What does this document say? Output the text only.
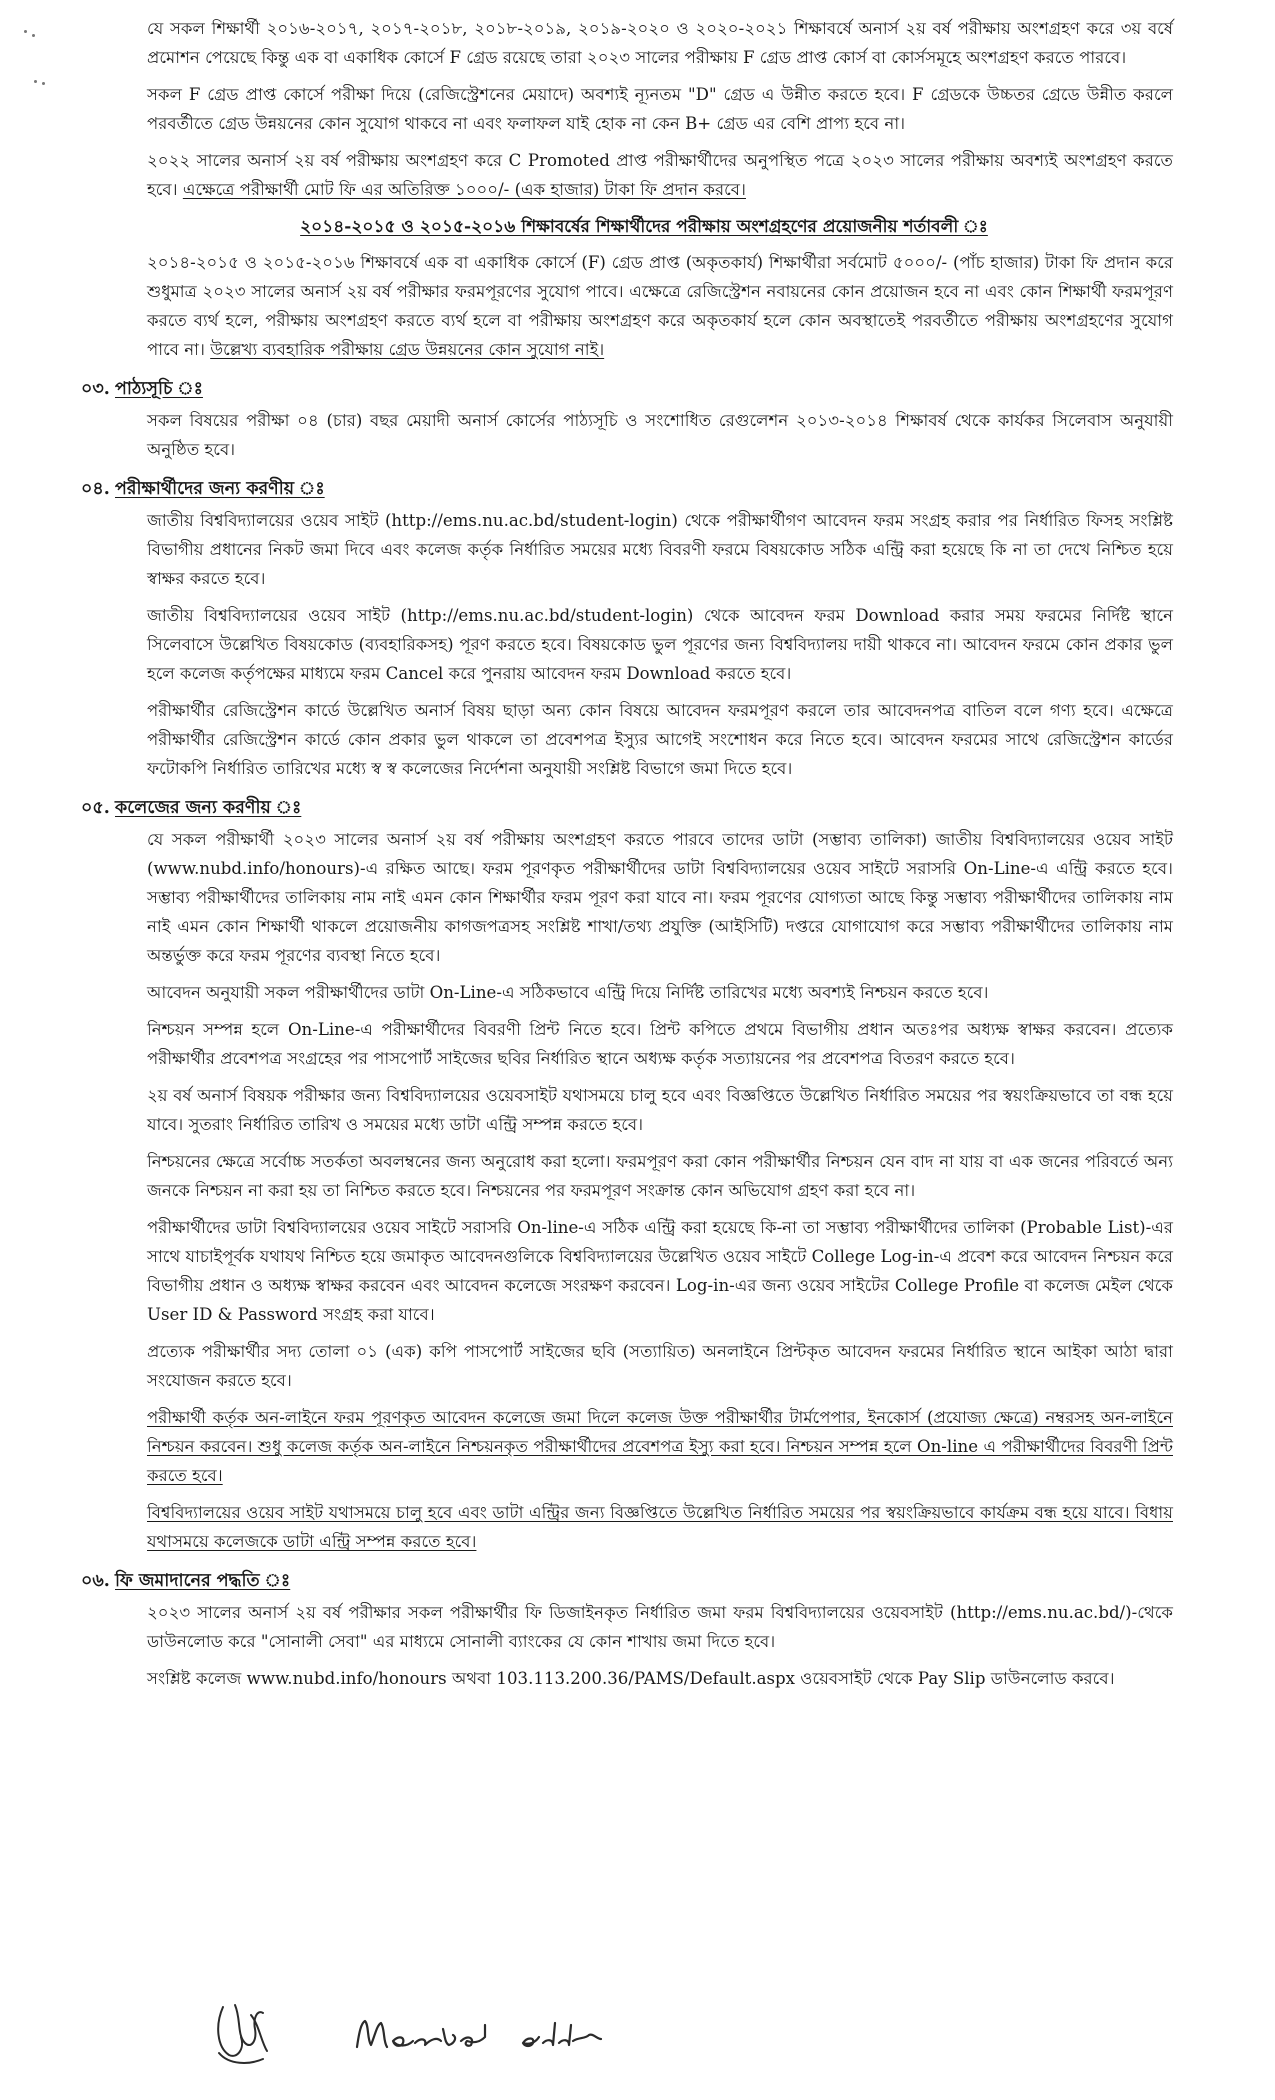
যে সকল শিক্ষার্থী ২০১৬-২০১৭, ২০১৭-২০১৮, ২০১৮-২০১৯, ২০১৯-২০২০ ও ২০২০-২০২১ শিক্ষাবর্ষে অনার্স ২য় বর্ষ পরীক্ষায় অংশগ্রহণ করে ৩য় বর্ষে প্রমোশন পেয়েছে কিন্তু এক বা একাধিক কোর্সে F গ্রেড রয়েছে তারা ২০২৩ সালের পরীক্ষায় F গ্রেড প্রাপ্ত কোর্স বা কোর্সসমূহে অংশগ্রহণ করতে পারবে।

সকল F গ্রেড প্রাপ্ত কোর্সে পরীক্ষা দিয়ে (রেজিস্ট্রেশনের মেয়াদে) অবশ্যই ন্যূনতম "D" গ্রেড এ উন্নীত করতে হবে। F গ্রেডকে উচ্চতর গ্রেডে উন্নীত করলে পরবর্তীতে গ্রেড উন্নয়নের কোন সুযোগ থাকবে না এবং ফলাফল যাই হোক না কেন B+ গ্রেড এর বেশি প্রাপ্য হবে না।

২০২২ সালের অনার্স ২য় বর্ষ পরীক্ষায় অংশগ্রহণ করে C Promoted প্রাপ্ত পরীক্ষার্থীদের অনুপস্থিত পত্রে ২০২৩ সালের পরীক্ষায় অবশ্যই অংশগ্রহণ করতে হবে। এক্ষেত্রে পরীক্ষার্থী মোট ফি এর অতিরিক্ত ১০০০/- (এক হাজার) টাকা ফি প্রদান করবে।

২০১৪-২০১৫ ও ২০১৫-২০১৬ শিক্ষাবর্ষের শিক্ষার্থীদের পরীক্ষায় অংশগ্রহণের প্রয়োজনীয় শর্তাবলী ঃ

২০১৪-২০১৫ ও ২০১৫-২০১৬ শিক্ষাবর্ষে এক বা একাধিক কোর্সে (F) গ্রেড প্রাপ্ত (অকৃতকার্য) শিক্ষার্থীরা সর্বমোট ৫০০০/- (পাঁচ হাজার) টাকা ফি প্রদান করে শুধুমাত্র ২০২৩ সালের অনার্স ২য় বর্ষ পরীক্ষার ফরমপূরণের সুযোগ পাবে। এক্ষেত্রে রেজিস্ট্রেশন নবায়নের কোন প্রয়োজন হবে না এবং কোন শিক্ষার্থী ফরমপূরণ করতে ব্যর্থ হলে, পরীক্ষায় অংশগ্রহণ করতে ব্যর্থ হলে বা পরীক্ষায় অংশগ্রহণ করে অকৃতকার্য হলে কোন অবস্থাতেই পরবর্তীতে পরীক্ষায় অংশগ্রহণের সুযোগ পাবে না। উল্লেখ্য ব্যবহারিক পরীক্ষায় গ্রেড উন্নয়নের কোন সুযোগ নাই।

০৩. পাঠ্যসূচি ঃ

সকল বিষয়ের পরীক্ষা ০৪ (চার) বছর মেয়াদী অনার্স কোর্সের পাঠ্যসূচি ও সংশোধিত রেগুলেশন ২০১৩-২০১৪ শিক্ষাবর্ষ থেকে কার্যকর সিলেবাস অনুযায়ী অনুষ্ঠিত হবে।

০৪. পরীক্ষার্থীদের জন্য করণীয় ঃ

জাতীয় বিশ্ববিদ্যালয়ের ওয়েব সাইট (http://ems.nu.ac.bd/student-login) থেকে পরীক্ষার্থীগণ আবেদন ফরম সংগ্রহ করার পর নির্ধারিত ফিসহ সংশ্লিষ্ট বিভাগীয় প্রধানের নিকট জমা দিবে এবং কলেজ কর্তৃক নির্ধারিত সময়ের মধ্যে বিবরণী ফরমে বিষয়কোড সঠিক এন্ট্রি করা হয়েছে কি না তা দেখে নিশ্চিত হয়ে স্বাক্ষর করতে হবে।

জাতীয় বিশ্ববিদ্যালয়ের ওয়েব সাইট (http://ems.nu.ac.bd/student-login) থেকে আবেদন ফরম Download করার সময় ফরমের নির্দিষ্ট স্থানে সিলেবাসে উল্লেখিত বিষয়কোড (ব্যবহারিকসহ) পূরণ করতে হবে। বিষয়কোড ভুল পূরণের জন্য বিশ্ববিদ্যালয় দায়ী থাকবে না। আবেদন ফরমে কোন প্রকার ভুল হলে কলেজ কর্তৃপক্ষের মাধ্যমে ফরম Cancel করে পুনরায় আবেদন ফরম Download করতে হবে।

পরীক্ষার্থীর রেজিস্ট্রেশন কার্ডে উল্লেখিত অনার্স বিষয় ছাড়া অন্য কোন বিষয়ে আবেদন ফরমপূরণ করলে তার আবেদনপত্র বাতিল বলে গণ্য হবে। এক্ষেত্রে পরীক্ষার্থীর রেজিস্ট্রেশন কার্ডে কোন প্রকার ভুল থাকলে তা প্রবেশপত্র ইস্যুর আগেই সংশোধন করে নিতে হবে। আবেদন ফরমের সাথে রেজিস্ট্রেশন কার্ডের ফটোকপি নির্ধারিত তারিখের মধ্যে স্ব স্ব কলেজের নির্দেশনা অনুযায়ী সংশ্লিষ্ট বিভাগে জমা দিতে হবে।

০৫. কলেজের জন্য করণীয় ঃ

যে সকল পরীক্ষার্থী ২০২৩ সালের অনার্স ২য় বর্ষ পরীক্ষায় অংশগ্রহণ করতে পারবে তাদের ডাটা (সম্ভাব্য তালিকা) জাতীয় বিশ্ববিদ্যালয়ের ওয়েব সাইট (www.nubd.info/honours)-এ রক্ষিত আছে। ফরম পূরণকৃত পরীক্ষার্থীদের ডাটা বিশ্ববিদ্যালয়ের ওয়েব সাইটে সরাসরি On-Line-এ এন্ট্রি করতে হবে। সম্ভাব্য পরীক্ষার্থীদের তালিকায় নাম নাই এমন কোন শিক্ষার্থীর ফরম পূরণ করা যাবে না। ফরম পূরণের যোগ্যতা আছে কিন্তু সম্ভাব্য পরীক্ষার্থীদের তালিকায় নাম নাই এমন কোন শিক্ষার্থী থাকলে প্রয়োজনীয় কাগজপত্রসহ সংশ্লিষ্ট শাখা/তথ্য প্রযুক্তি (আইসিটি) দপ্তরে যোগাযোগ করে সম্ভাব্য পরীক্ষার্থীদের তালিকায় নাম অন্তর্ভুক্ত করে ফরম পূরণের ব্যবস্থা নিতে হবে।

আবেদন অনুযায়ী সকল পরীক্ষার্থীদের ডাটা On-Line-এ সঠিকভাবে এন্ট্রি দিয়ে নির্দিষ্ট তারিখের মধ্যে অবশ্যই নিশ্চয়ন করতে হবে।

নিশ্চয়ন সম্পন্ন হলে On-Line-এ পরীক্ষার্থীদের বিবরণী প্রিন্ট নিতে হবে। প্রিন্ট কপিতে প্রথমে বিভাগীয় প্রধান অতঃপর অধ্যক্ষ স্বাক্ষর করবেন। প্রত্যেক পরীক্ষার্থীর প্রবেশপত্র সংগ্রহের পর পাসপোর্ট সাইজের ছবির নির্ধারিত স্থানে অধ্যক্ষ কর্তৃক সত্যায়নের পর প্রবেশপত্র বিতরণ করতে হবে।

২য় বর্ষ অনার্স বিষয়ক পরীক্ষার জন্য বিশ্ববিদ্যালয়ের ওয়েবসাইট যথাসময়ে চালু হবে এবং বিজ্ঞপ্তিতে উল্লেখিত নির্ধারিত সময়ের পর স্বয়ংক্রিয়ভাবে তা বন্ধ হয়ে যাবে। সুতরাং নির্ধারিত তারিখ ও সময়ের মধ্যে ডাটা এন্ট্রি সম্পন্ন করতে হবে।

নিশ্চয়নের ক্ষেত্রে সর্বোচ্চ সতর্কতা অবলম্বনের জন্য অনুরোধ করা হলো। ফরমপূরণ করা কোন পরীক্ষার্থীর নিশ্চয়ন যেন বাদ না যায় বা এক জনের পরিবর্তে অন্য জনকে নিশ্চয়ন না করা হয় তা নিশ্চিত করতে হবে। নিশ্চয়নের পর ফরমপূরণ সংক্রান্ত কোন অভিযোগ গ্রহণ করা হবে না।

পরীক্ষার্থীদের ডাটা বিশ্ববিদ্যালয়ের ওয়েব সাইটে সরাসরি On-line-এ সঠিক এন্ট্রি করা হয়েছে কি-না তা সম্ভাব্য পরীক্ষার্থীদের তালিকা (Probable List)-এর সাথে যাচাইপূর্বক যথাযথ নিশ্চিত হয়ে জমাকৃত আবেদনগুলিকে বিশ্ববিদ্যালয়ের উল্লেখিত ওয়েব সাইটে College Log-in-এ প্রবেশ করে আবেদন নিশ্চয়ন করে বিভাগীয় প্রধান ও অধ্যক্ষ স্বাক্ষর করবেন এবং আবেদন কলেজে সংরক্ষণ করবেন। Log-in-এর জন্য ওয়েব সাইটের College Profile বা কলেজ মেইল থেকে User ID & Password সংগ্রহ করা যাবে।

প্রত্যেক পরীক্ষার্থীর সদ্য তোলা ০১ (এক) কপি পাসপোর্ট সাইজের ছবি (সত্যায়িত) অনলাইনে প্রিন্টকৃত আবেদন ফরমের নির্ধারিত স্থানে আইকা আঠা দ্বারা সংযোজন করতে হবে।

পরীক্ষার্থী কর্তৃক অন-লাইনে ফরম পূরণকৃত আবেদন কলেজে জমা দিলে কলেজ উক্ত পরীক্ষার্থীর টার্মপেপার, ইনকোর্স (প্রযোজ্য ক্ষেত্রে) নম্বরসহ অন-লাইনে নিশ্চয়ন করবেন। শুধু কলেজ কর্তৃক অন-লাইনে নিশ্চয়নকৃত পরীক্ষার্থীদের প্রবেশপত্র ইস্যু করা হবে। নিশ্চয়ন সম্পন্ন হলে On-line এ পরীক্ষার্থীদের বিবরণী প্রিন্ট করতে হবে।

বিশ্ববিদ্যালয়ের ওয়েব সাইট যথাসময়ে চালু হবে এবং ডাটা এন্ট্রির জন্য বিজ্ঞপ্তিতে উল্লেখিত নির্ধারিত সময়ের পর স্বয়ংক্রিয়ভাবে কার্যক্রম বন্ধ হয়ে যাবে। বিধায় যথাসময়ে কলেজকে ডাটা এন্ট্রি সম্পন্ন করতে হবে।

০৬. ফি জমাদানের পদ্ধতি ঃ

২০২৩ সালের অনার্স ২য় বর্ষ পরীক্ষার সকল পরীক্ষার্থীর ফি ডিজাইনকৃত নির্ধারিত জমা ফরম বিশ্ববিদ্যালয়ের ওয়েবসাইট (http://ems.nu.ac.bd/)-থেকে ডাউনলোড করে "সোনালী সেবা" এর মাধ্যমে সোনালী ব্যাংকের যে কোন শাখায় জমা দিতে হবে।

সংশ্লিষ্ট কলেজ www.nubd.info/honours অথবা 103.113.200.36/PAMS/Default.aspx ওয়েবসাইট থেকে Pay Slip ডাউনলোড করবে।
